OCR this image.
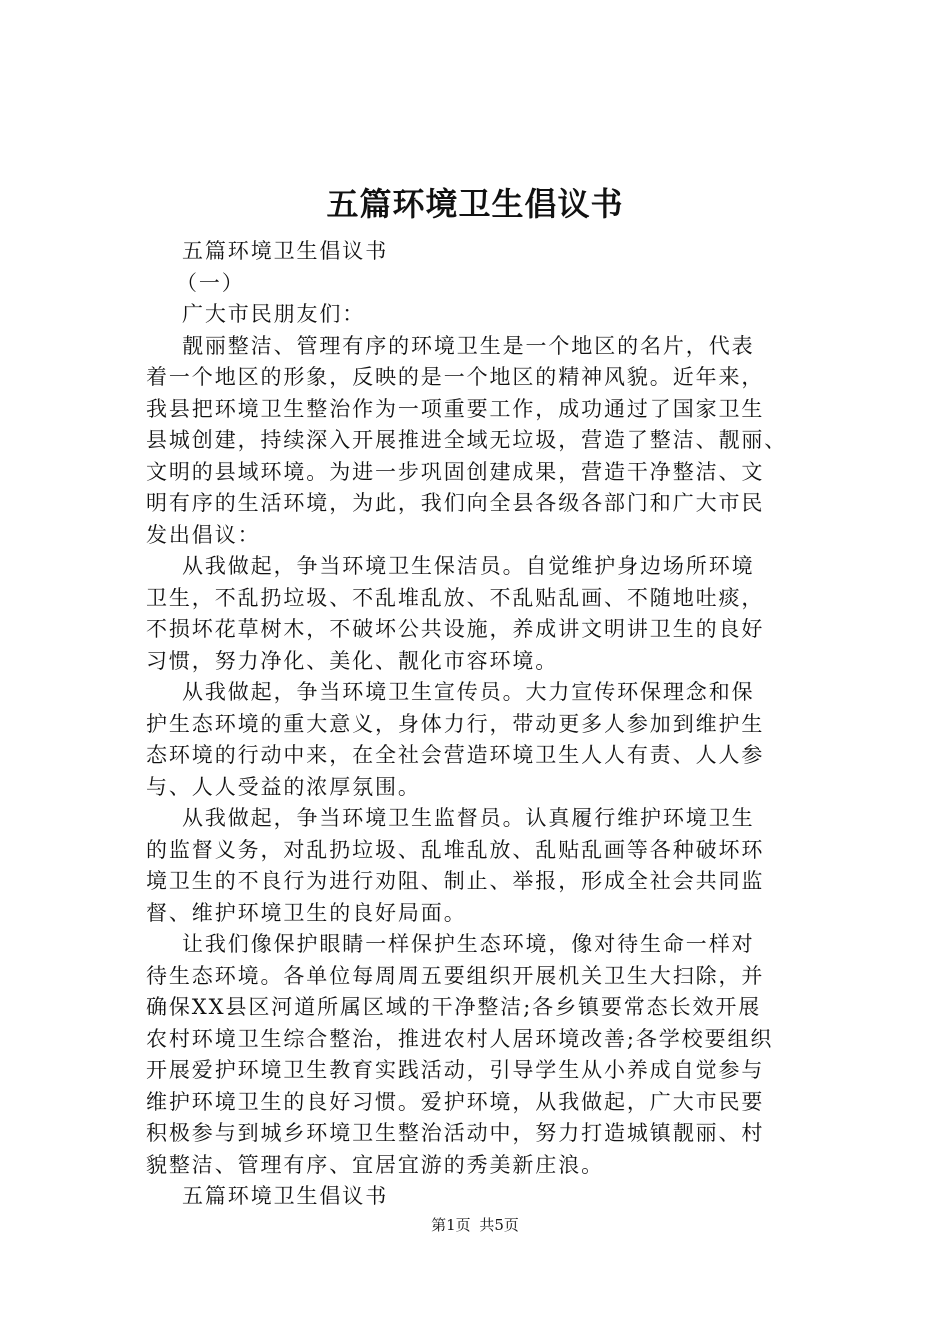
五篇环境卫生倡议书

五篇环境卫生倡议书

（一）

广大市民朋友们：

靓丽整洁、管理有序的环境卫生是一个地区的名片，代表

着一个地区的形象，反映的是一个地区的精神风貌。近年来，

我县把环境卫生整治作为一项重要工作，成功通过了国家卫生

县城创建，持续深入开展推进全域无垃圾，营造了整洁、靓丽、

文明的县域环境。为进一步巩固创建成果，营造干净整洁、文

明有序的生活环境，为此，我们向全县各级各部门和广大市民

发出倡议：

从我做起，争当环境卫生保洁员。自觉维护身边场所环境

卫生，不乱扔垃圾、不乱堆乱放、不乱贴乱画、不随地吐痰，

不损坏花草树木，不破坏公共设施，养成讲文明讲卫生的良好

习惯，努力净化、美化、靓化市容环境。

从我做起，争当环境卫生宣传员。大力宣传环保理念和保

护生态环境的重大意义，身体力行，带动更多人参加到维护生

态环境的行动中来，在全社会营造环境卫生人人有责、人人参

与、人人受益的浓厚氛围。

从我做起，争当环境卫生监督员。认真履行维护环境卫生

的监督义务，对乱扔垃圾、乱堆乱放、乱贴乱画等各种破坏环

境卫生的不良行为进行劝阻、制止、举报，形成全社会共同监

督、维护环境卫生的良好局面。

让我们像保护眼睛一样保护生态环境，像对待生命一样对

待生态环境。各单位每周周五要组织开展机关卫生大扫除，并

确保XX县区河道所属区域的干净整洁;各乡镇要常态长效开展

农村环境卫生综合整治，推进农村人居环境改善;各学校要组织

开展爱护环境卫生教育实践活动，引导学生从小养成自觉参与

维护环境卫生的良好习惯。爱护环境，从我做起，广大市民要

积极参与到城乡环境卫生整治活动中，努力打造城镇靓丽、村

貌整洁、管理有序、宜居宜游的秀美新庄浪。

五篇环境卫生倡议书

第1页 共5页
